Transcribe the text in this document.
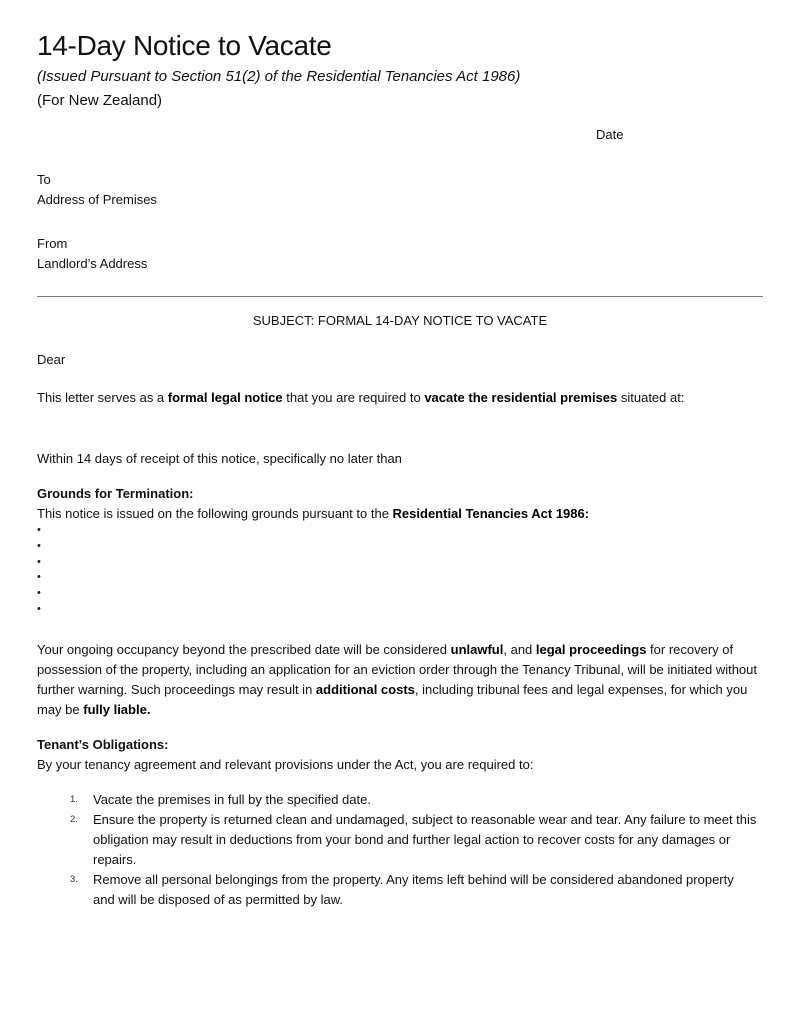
14-Day Notice to Vacate
(Issued Pursuant to Section 51(2) of the Residential Tenancies Act 1986)
(For New Zealand)
Date
To
Address of Premises
From
Landlord’s Address
SUBJECT: FORMAL 14-DAY NOTICE TO VACATE
Dear
This letter serves as a formal legal notice that you are required to vacate the residential premises situated at:
Within 14 days of receipt of this notice, specifically no later than
Grounds for Termination:
This notice is issued on the following grounds pursuant to the Residential Tenancies Act 1986:
•
•
•
•
•
•
Your ongoing occupancy beyond the prescribed date will be considered unlawful, and legal proceedings for recovery of possession of the property, including an application for an eviction order through the Tenancy Tribunal, will be initiated without further warning. Such proceedings may result in additional costs, including tribunal fees and legal expenses, for which you may be fully liable.
Tenant’s Obligations:
By your tenancy agreement and relevant provisions under the Act, you are required to:
1. Vacate the premises in full by the specified date.
2. Ensure the property is returned clean and undamaged, subject to reasonable wear and tear. Any failure to meet this obligation may result in deductions from your bond and further legal action to recover costs for any damages or repairs.
3. Remove all personal belongings from the property. Any items left behind will be considered abandoned property and will be disposed of as permitted by law.
